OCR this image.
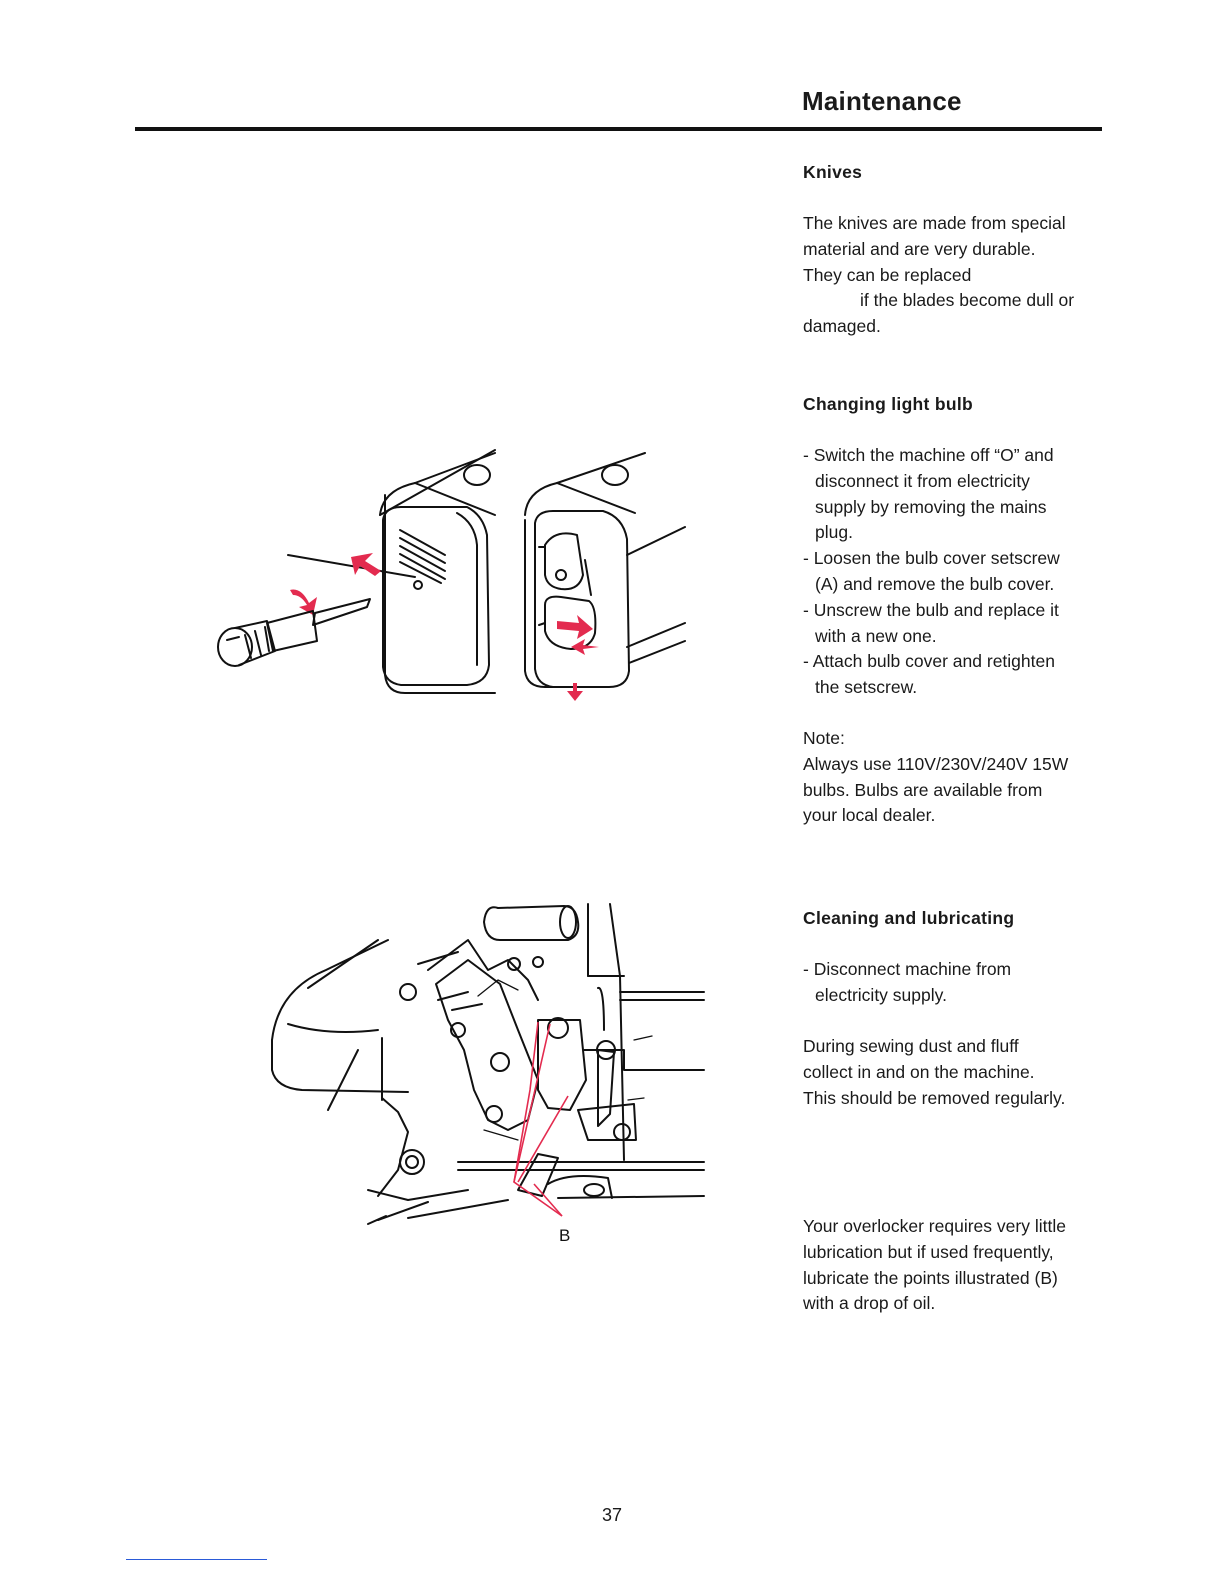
Maintenance
Knives
The knives are made from special
material and are very durable.
They can be replaced
if the blades become dull or
damaged.
Changing light bulb
- Switch the machine off “O” and
disconnect it from electricity
supply by removing the mains
plug.
- Loosen the bulb cover setscrew
(A) and remove the bulb cover.
- Unscrew the bulb and replace it
with a new one.
- Attach bulb cover and retighten
the setscrew.
Note:
Always use 110V/230V/240V 15W
bulbs. Bulbs are available from
your local dealer.
Cleaning and lubricating
- Disconnect machine from
electricity supply.
During sewing dust and fluff
collect in and on the machine.
This should be removed regularly.
Your overlocker requires very little
lubrication but if used frequently,
lubricate the points illustrated (B)
with a drop of oil.
B
37
